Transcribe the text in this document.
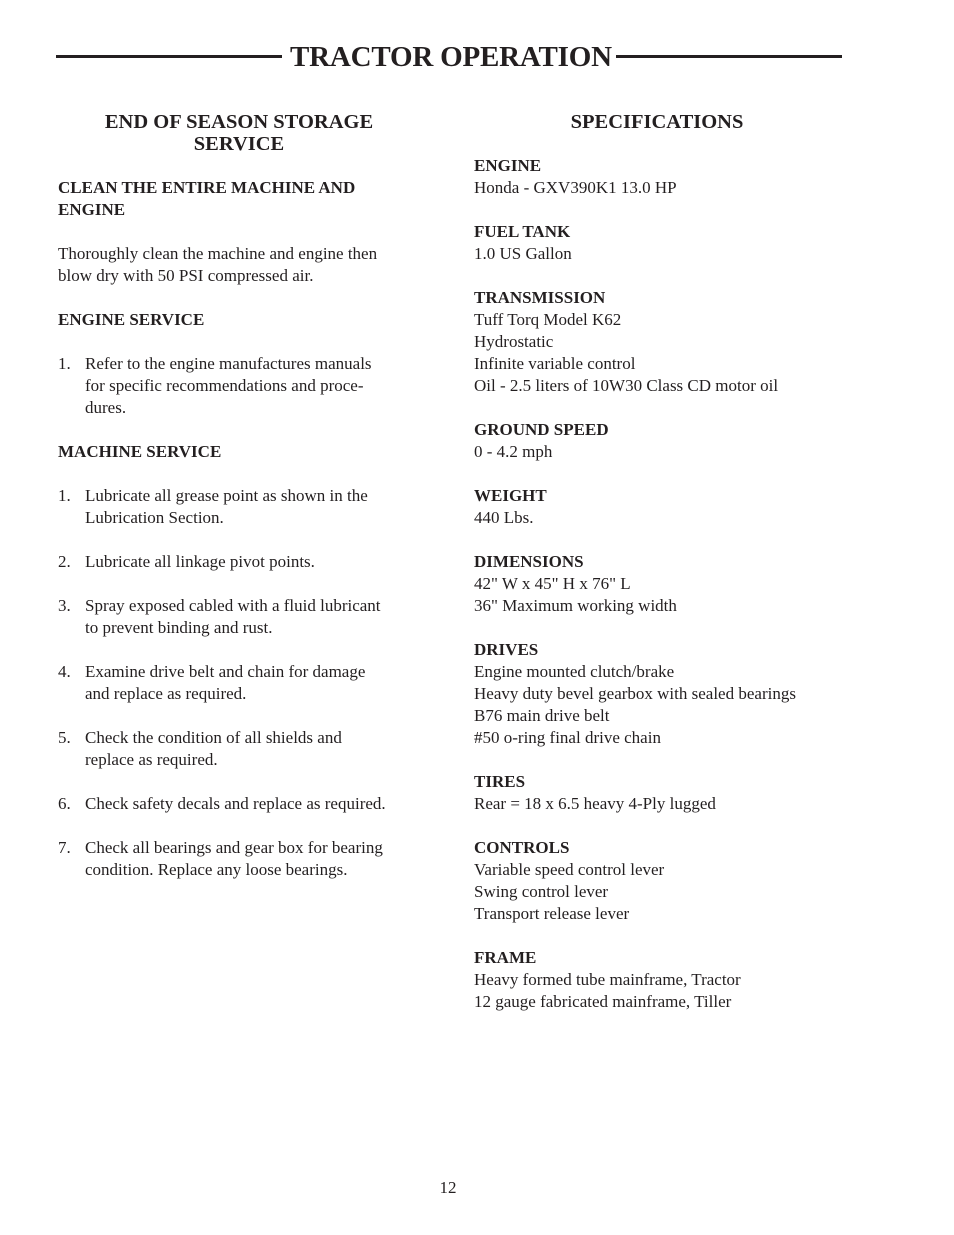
TRACTOR OPERATION
END OF SEASON STORAGE
SERVICE
CLEAN THE ENTIRE MACHINE AND
ENGINE

Thoroughly clean the machine and engine then
blow dry with 50 PSI compressed air.

ENGINE SERVICE
1. Refer to the engine manufactures manuals
for specific recommendations and proce-
dures.
MACHINE SERVICE
1. Lubricate all grease point as shown in the
Lubrication Section.
2. Lubricate all linkage pivot points.
3. Spray exposed cabled with a fluid lubricant
to prevent binding and rust.
4. Examine drive belt and chain for damage
and replace as required.
5. Check the condition of all shields and
replace as required.
6. Check safety decals and replace as required.
7. Check all bearings and gear box for bearing
condition. Replace any loose bearings.
SPECIFICATIONS
ENGINE
Honda - GXV390K1 13.0 HP
FUEL TANK
1.0 US Gallon
TRANSMISSION
Tuff Torq Model K62
Hydrostatic
Infinite variable control
Oil - 2.5 liters of 10W30 Class CD motor oil
GROUND SPEED
0 - 4.2 mph
WEIGHT
440 Lbs.
DIMENSIONS
42" W x 45" H x 76" L
36" Maximum working width
DRIVES
Engine mounted clutch/brake
Heavy duty bevel gearbox with sealed bearings
B76 main drive belt
#50 o-ring final drive chain
TIRES
Rear = 18 x 6.5 heavy 4-Ply lugged
CONTROLS
Variable speed control lever
Swing control lever
Transport release lever
FRAME
Heavy formed tube mainframe, Tractor
12 gauge fabricated mainframe, Tiller
12
